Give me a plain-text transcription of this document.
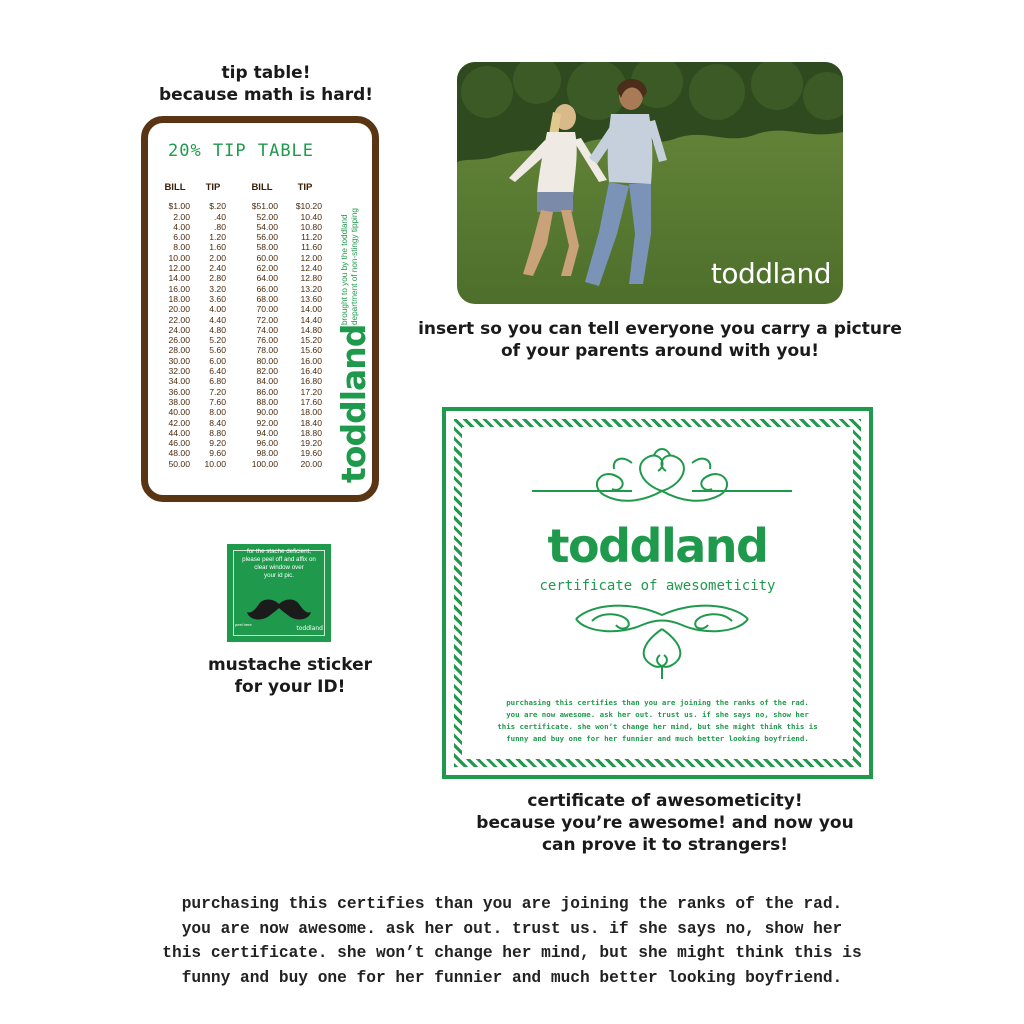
tip table!
because math is hard!
20% TIP TABLE
BILL
$1.00
2.00
4.00
6.00
8.00
10.00
12.00
14.00
16.00
18.00
20.00
22.00
24.00
26.00
28.00
30.00
32.00
34.00
36.00
38.00
40.00
42.00
44.00
46.00
48.00
50.00
TIP
$.20
.40
.80
1.20
1.60
2.00
2.40
2.80
3.20
3.60
4.00
4.40
4.80
5.20
5.60
6.00
6.40
6.80
7.20
7.60
8.00
8.40
8.80
9.20
9.60
10.00
BILL
$51.00
52.00
54.00
56.00
58.00
60.00
62.00
64.00
66.00
68.00
70.00
72.00
74.00
76.00
78.00
80.00
82.00
84.00
86.00
88.00
90.00
92.00
94.00
96.00
98.00
100.00
TIP
$10.20
10.40
10.80
11.20
11.60
12.00
12.40
12.80
13.20
13.60
14.00
14.40
14.80
15.20
15.60
16.00
16.40
16.80
17.20
17.60
18.00
18.40
18.80
19.20
19.60
20.00 toddland
brought to you by the toddland department of non-stingy tipping	toddland
insert so you can tell everyone you carry a picture
of your parents around with you!
for the stache deficient,
please peel off and affix on
clear window over
your id pic.
peel here
toddland
mustache sticker
for your ID!
toddland
certificate of awesometicity
purchasing this certifies than you are joining the ranks of the rad.
you are now awesome. ask her out. trust us. if she says no, show her
this certificate. she won’t change her mind, but she might think this is
funny and buy one for her funnier and much better looking boyfriend.
certificate of awesometicity!
because you’re awesome! and now you
can prove it to strangers!
purchasing this certifies than you are joining the ranks of the rad.
you are now awesome. ask her out. trust us. if she says no, show her
this certificate. she won’t change her mind, but she might think this is
funny and buy one for her funnier and much better looking boyfriend.
